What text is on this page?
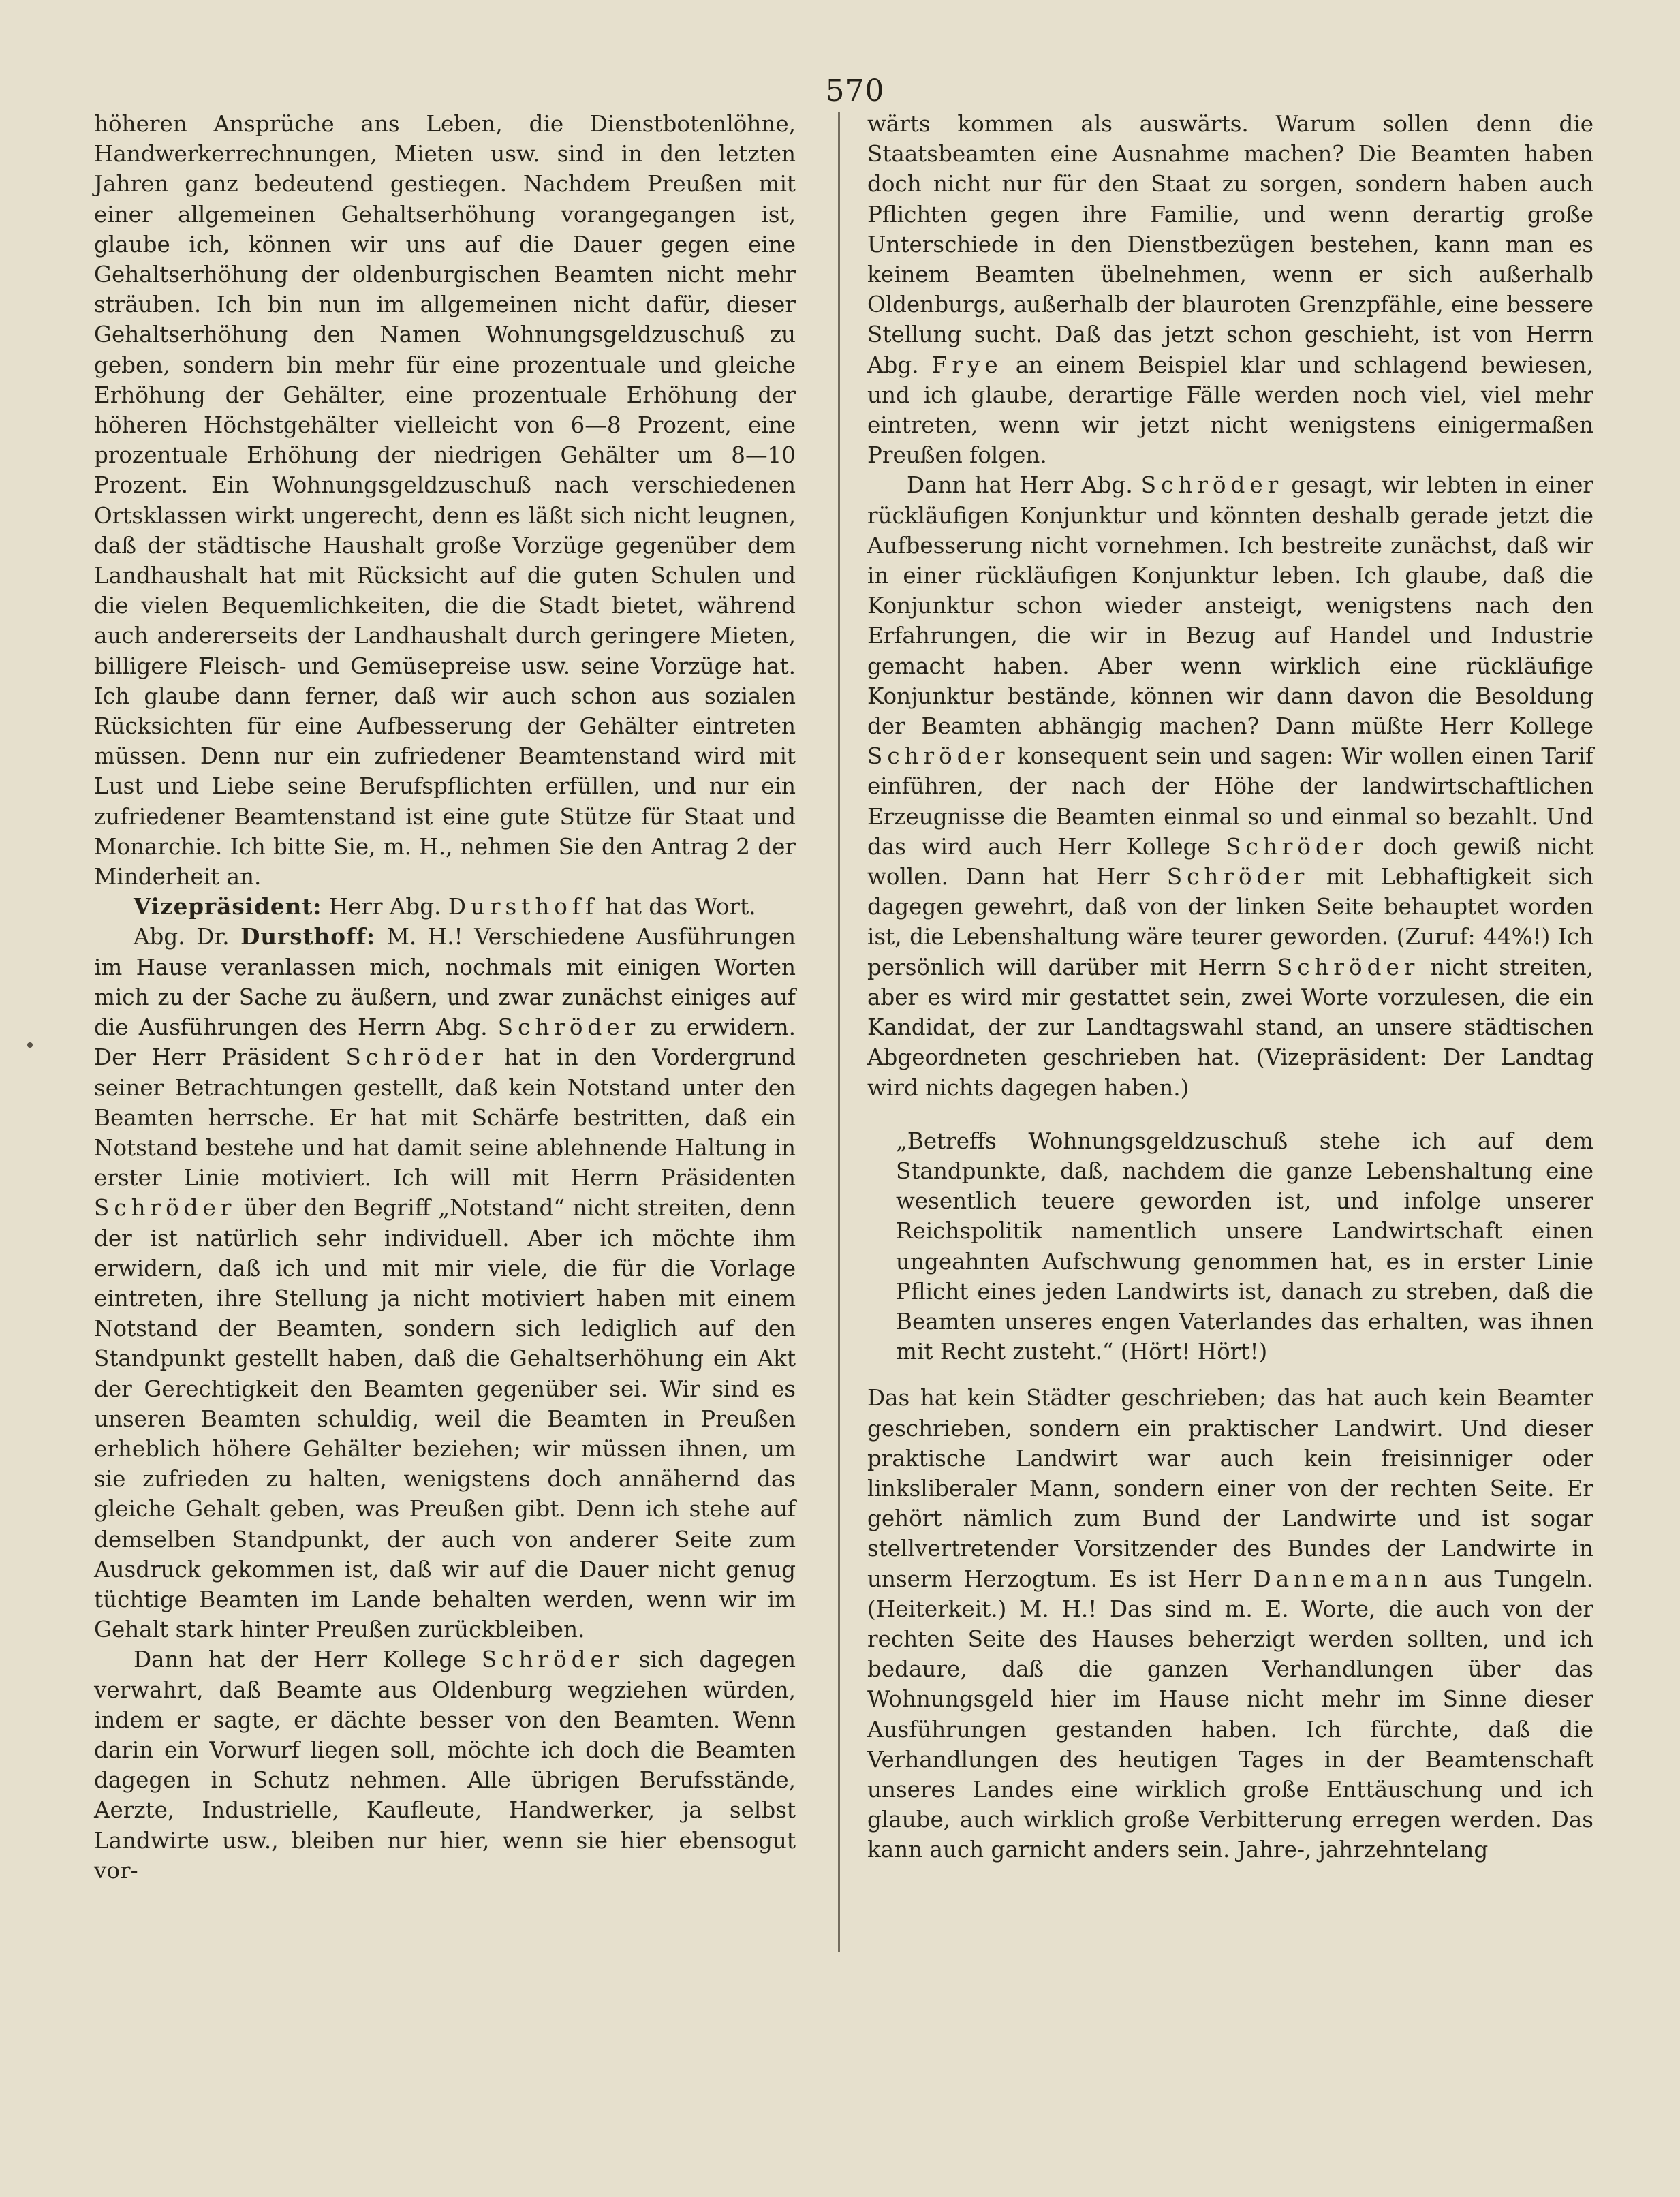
570

höheren Ansprüche ans Leben, die Dienstbotenlöhne, Handwerkerrechnungen, Mieten usw. sind in den letzten Jahren ganz bedeutend gestiegen. Nachdem Preußen mit einer allgemeinen Gehaltserhöhung vorangegangen ist, glaube ich, können wir uns auf die Dauer gegen eine Gehaltserhöhung der oldenburgischen Beamten nicht mehr sträuben. Ich bin nun im allgemeinen nicht dafür, dieser Gehaltserhöhung den Namen Wohnungsgeldzuschuß zu geben, sondern bin mehr für eine prozentuale und gleiche Erhöhung der Gehälter, eine prozentuale Erhöhung der höheren Höchstgehälter vielleicht von 6—8 Prozent, eine prozentuale Erhöhung der niedrigen Gehälter um 8—10 Prozent. Ein Wohnungsgeldzuschuß nach verschiedenen Ortsklassen wirkt ungerecht, denn es läßt sich nicht leugnen, daß der städtische Haushalt große Vorzüge gegenüber dem Landhaushalt hat mit Rücksicht auf die guten Schulen und die vielen Bequemlichkeiten, die die Stadt bietet, während auch andererseits der Landhaushalt durch geringere Mieten, billigere Fleisch- und Gemüsepreise usw. seine Vorzüge hat. Ich glaube dann ferner, daß wir auch schon aus sozialen Rücksichten für eine Aufbesserung der Gehälter eintreten müssen. Denn nur ein zufriedener Beamtenstand wird mit Lust und Liebe seine Berufspflichten erfüllen, und nur ein zufriedener Beamtenstand ist eine gute Stütze für Staat und Monarchie. Ich bitte Sie, m. H., nehmen Sie den Antrag 2 der Minderheit an.

Vizepräsident: Herr Abg. Dursthoff hat das Wort.

Abg. Dr. Dursthoff: M. H.! Verschiedene Ausführungen im Hause veranlassen mich, nochmals mit einigen Worten mich zu der Sache zu äußern, und zwar zunächst einiges auf die Ausführungen des Herrn Abg. Schröder zu erwidern. Der Herr Präsident Schröder hat in den Vordergrund seiner Betrachtungen gestellt, daß kein Notstand unter den Beamten herrsche. Er hat mit Schärfe bestritten, daß ein Notstand bestehe und hat damit seine ablehnende Haltung in erster Linie motiviert. Ich will mit Herrn Präsidenten Schröder über den Begriff „Notstand“ nicht streiten, denn der ist natürlich sehr individuell. Aber ich möchte ihm erwidern, daß ich und mit mir viele, die für die Vorlage eintreten, ihre Stellung ja nicht motiviert haben mit einem Notstand der Beamten, sondern sich lediglich auf den Standpunkt gestellt haben, daß die Gehaltserhöhung ein Akt der Gerechtigkeit den Beamten gegenüber sei. Wir sind es unseren Beamten schuldig, weil die Beamten in Preußen erheblich höhere Gehälter beziehen; wir müssen ihnen, um sie zufrieden zu halten, wenigstens doch annähernd das gleiche Gehalt geben, was Preußen gibt. Denn ich stehe auf demselben Standpunkt, der auch von anderer Seite zum Ausdruck gekommen ist, daß wir auf die Dauer nicht genug tüchtige Beamten im Lande behalten werden, wenn wir im Gehalt stark hinter Preußen zurückbleiben.

Dann hat der Herr Kollege Schröder sich dagegen verwahrt, daß Beamte aus Oldenburg wegziehen würden, indem er sagte, er dächte besser von den Beamten. Wenn darin ein Vorwurf liegen soll, möchte ich doch die Beamten dagegen in Schutz nehmen. Alle übrigen Berufsstände, Aerzte, Industrielle, Kaufleute, Handwerker, ja selbst Landwirte usw., bleiben nur hier, wenn sie hier ebensogut vor-

wärts kommen als auswärts. Warum sollen denn die Staatsbeamten eine Ausnahme machen? Die Beamten haben doch nicht nur für den Staat zu sorgen, sondern haben auch Pflichten gegen ihre Familie, und wenn derartig große Unterschiede in den Dienstbezügen bestehen, kann man es keinem Beamten übelnehmen, wenn er sich außerhalb Oldenburgs, außerhalb der blauroten Grenzpfähle, eine bessere Stellung sucht. Daß das jetzt schon geschieht, ist von Herrn Abg. Frye an einem Beispiel klar und schlagend bewiesen, und ich glaube, derartige Fälle werden noch viel, viel mehr eintreten, wenn wir jetzt nicht wenigstens einigermaßen Preußen folgen.

Dann hat Herr Abg. Schröder gesagt, wir lebten in einer rückläufigen Konjunktur und könnten deshalb gerade jetzt die Aufbesserung nicht vornehmen. Ich bestreite zunächst, daß wir in einer rückläufigen Konjunktur leben. Ich glaube, daß die Konjunktur schon wieder ansteigt, wenigstens nach den Erfahrungen, die wir in Bezug auf Handel und Industrie gemacht haben. Aber wenn wirklich eine rückläufige Konjunktur bestände, können wir dann davon die Besoldung der Beamten abhängig machen? Dann müßte Herr Kollege Schröder konsequent sein und sagen: Wir wollen einen Tarif einführen, der nach der Höhe der landwirtschaftlichen Erzeugnisse die Beamten einmal so und einmal so bezahlt. Und das wird auch Herr Kollege Schröder doch gewiß nicht wollen. Dann hat Herr Schröder mit Lebhaftigkeit sich dagegen gewehrt, daß von der linken Seite behauptet worden ist, die Lebenshaltung wäre teurer geworden. (Zuruf: 44%!) Ich persönlich will darüber mit Herrn Schröder nicht streiten, aber es wird mir gestattet sein, zwei Worte vorzulesen, die ein Kandidat, der zur Landtagswahl stand, an unsere städtischen Abgeordneten geschrieben hat. (Vizepräsident: Der Landtag wird nichts dagegen haben.)

„Betreffs Wohnungsgeldzuschuß stehe ich auf dem Standpunkte, daß, nachdem die ganze Lebenshaltung eine wesentlich teuere geworden ist, und infolge unserer Reichspolitik namentlich unsere Landwirtschaft einen ungeahnten Aufschwung genommen hat, es in erster Linie Pflicht eines jeden Landwirts ist, danach zu streben, daß die Beamten unseres engen Vaterlandes das erhalten, was ihnen mit Recht zusteht.“ (Hört! Hört!)

Das hat kein Städter geschrieben; das hat auch kein Beamter geschrieben, sondern ein praktischer Landwirt. Und dieser praktische Landwirt war auch kein freisinniger oder linksliberaler Mann, sondern einer von der rechten Seite. Er gehört nämlich zum Bund der Landwirte und ist sogar stellvertretender Vorsitzender des Bundes der Landwirte in unserm Herzogtum. Es ist Herr Dannemann aus Tungeln. (Heiterkeit.) M. H.! Das sind m. E. Worte, die auch von der rechten Seite des Hauses beherzigt werden sollten, und ich bedaure, daß die ganzen Verhandlungen über das Wohnungsgeld hier im Hause nicht mehr im Sinne dieser Ausführungen gestanden haben. Ich fürchte, daß die Verhandlungen des heutigen Tages in der Beamtenschaft unseres Landes eine wirklich große Enttäuschung und ich glaube, auch wirklich große Verbitterung erregen werden. Das kann auch garnicht anders sein. Jahre-, jahrzehntelang
